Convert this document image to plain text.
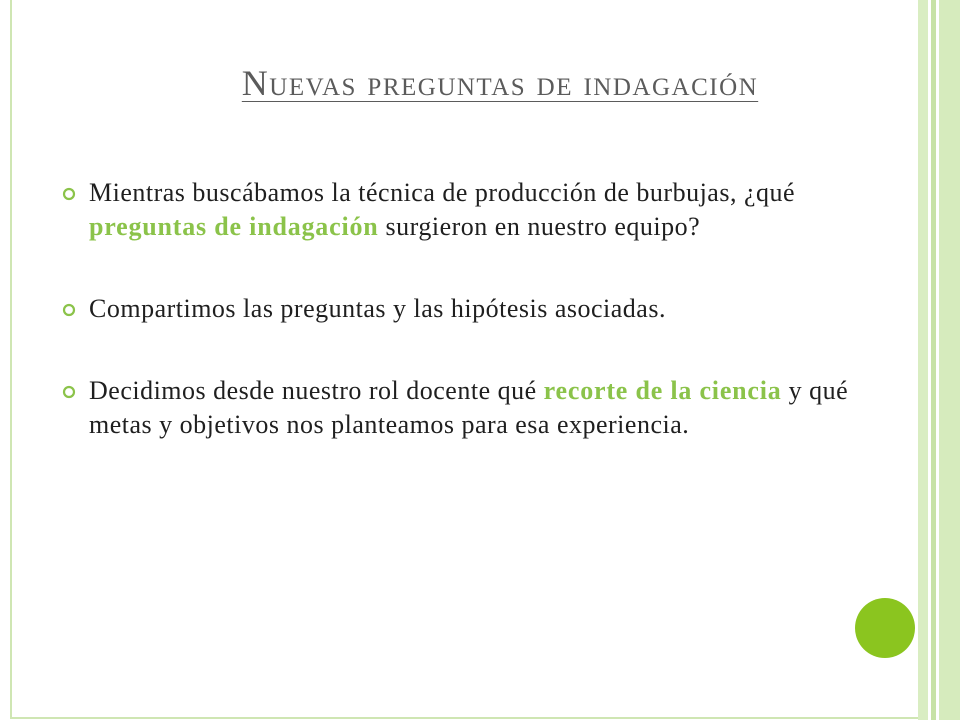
Nuevas preguntas de indagación
Mientras buscábamos la técnica de producción de burbujas, ¿qué preguntas de indagación surgieron en nuestro equipo?
Compartimos las preguntas y las hipótesis asociadas.
Decidimos desde nuestro rol docente qué recorte de la ciencia y qué metas y objetivos nos planteamos para esa experiencia.
